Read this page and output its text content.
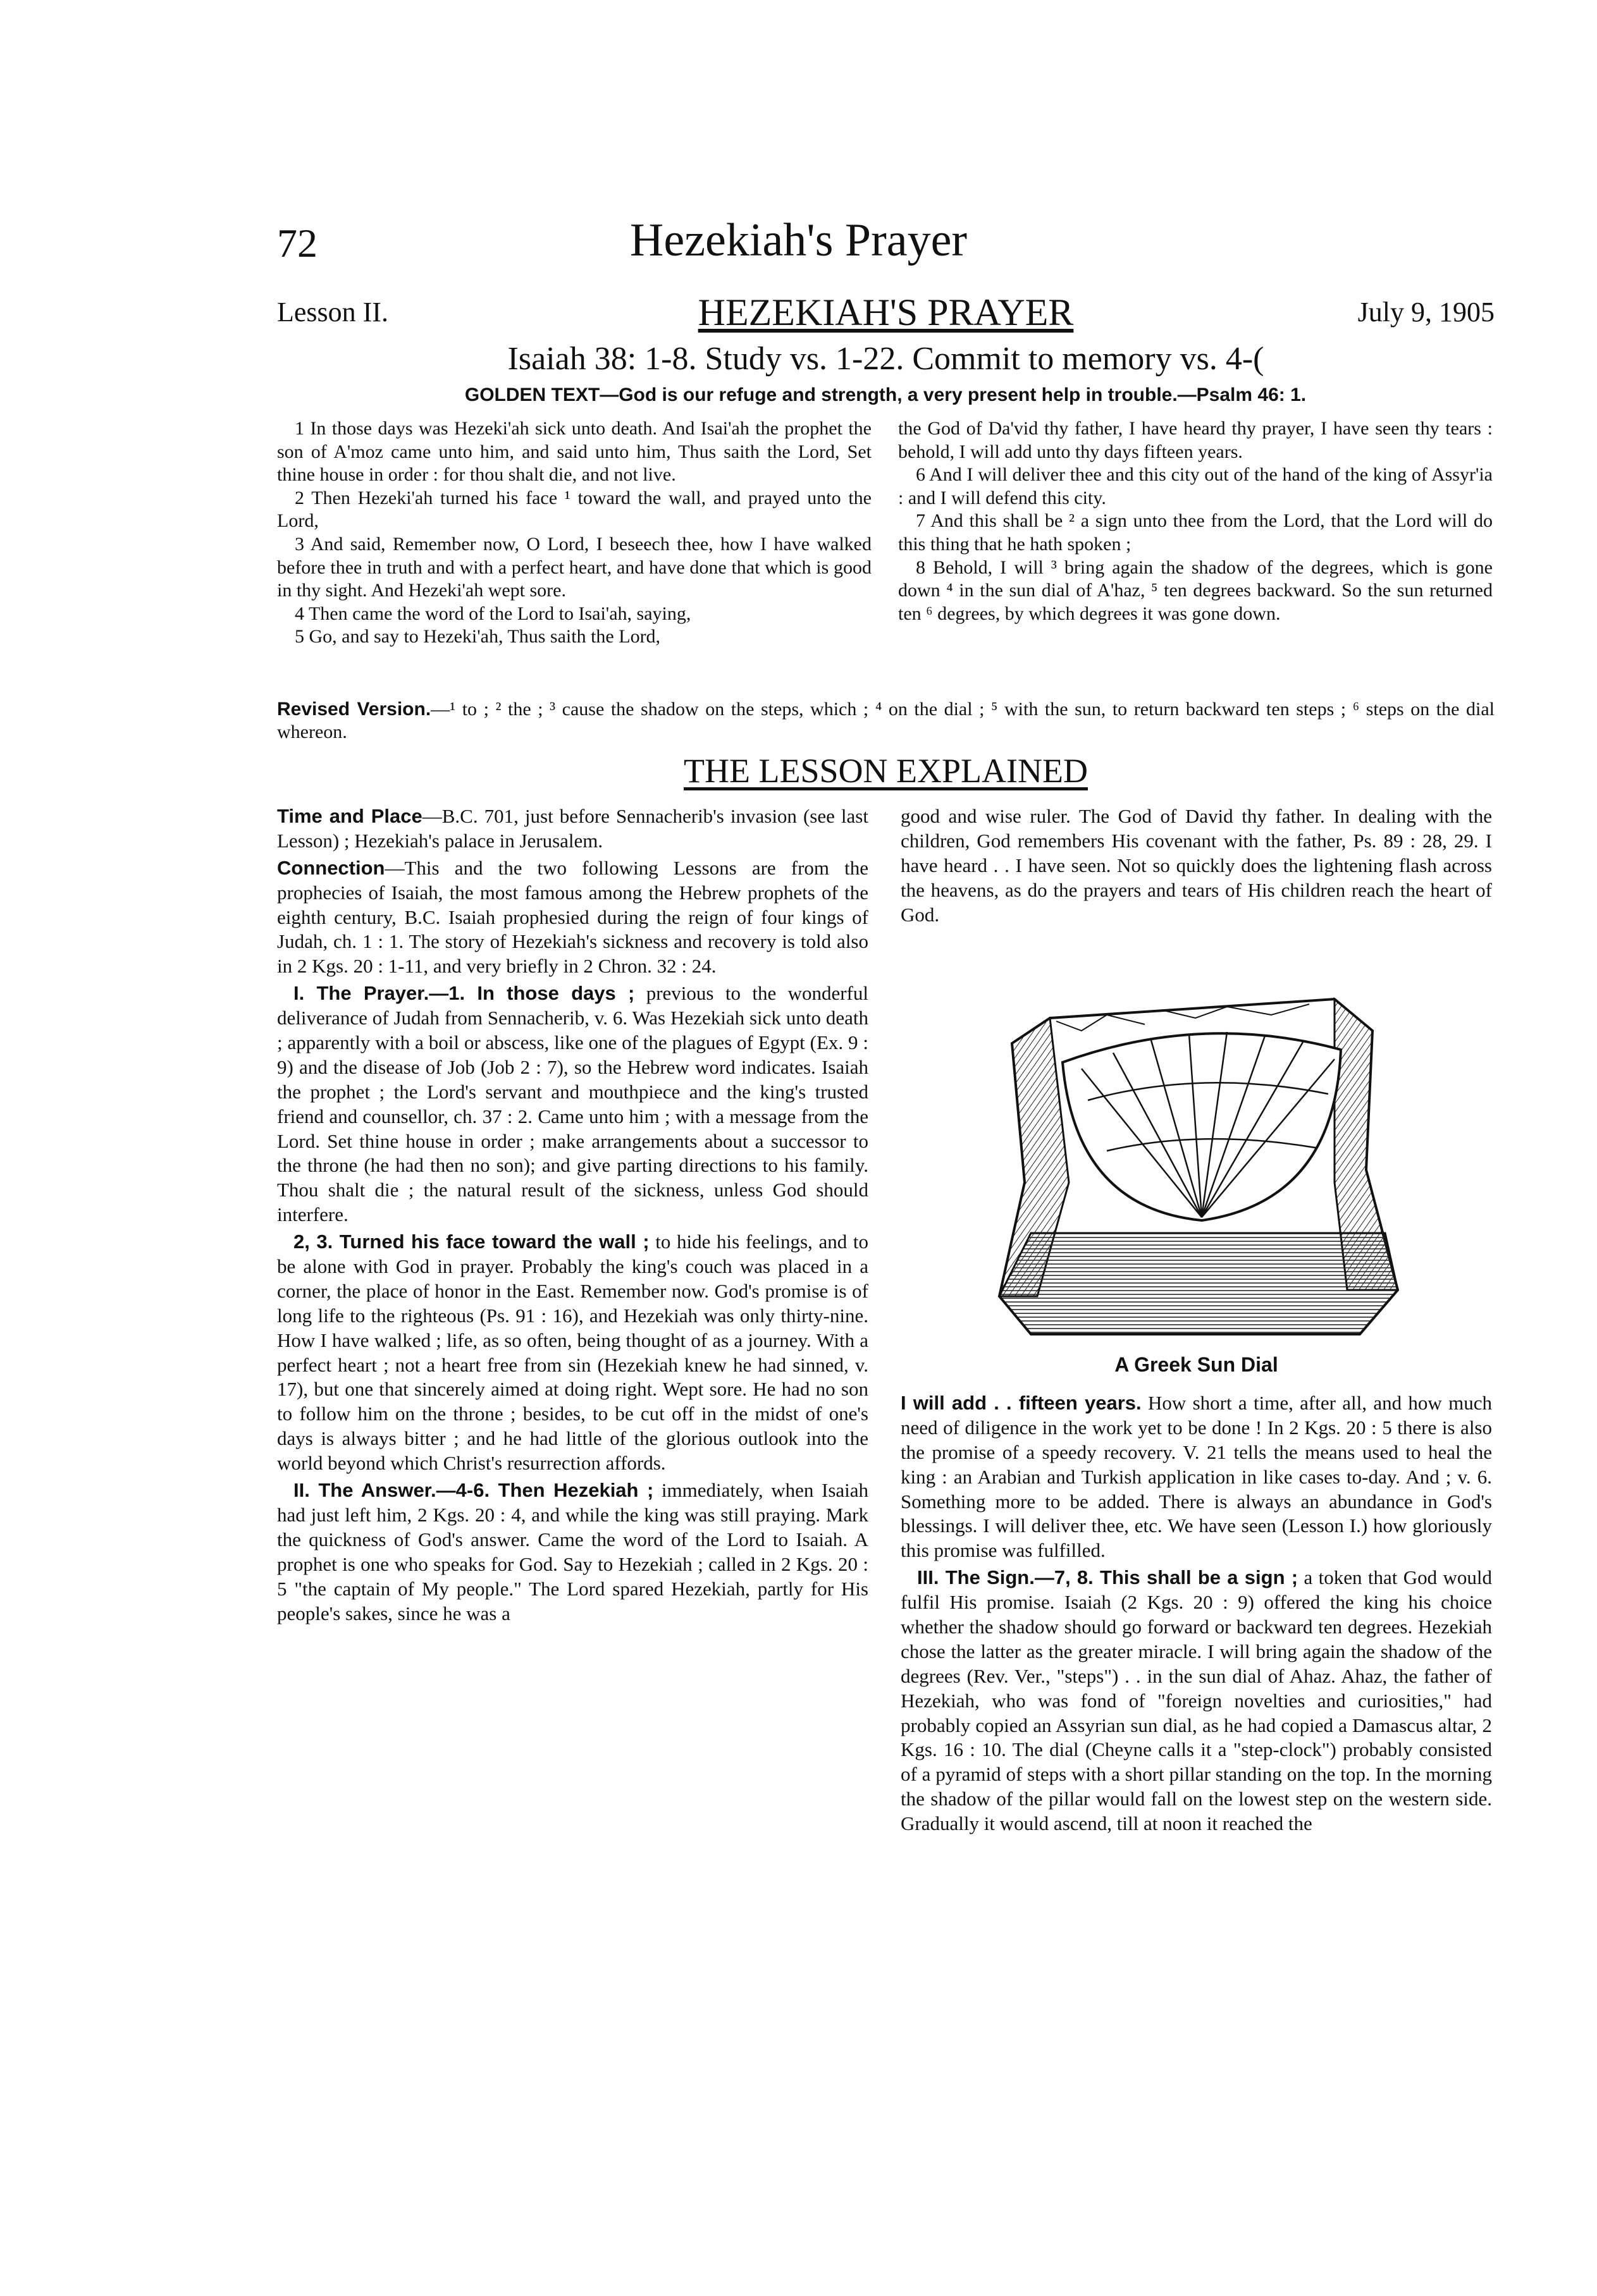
72	Hezekiah's Prayer
Lesson II.	HEZEKIAH'S PRAYER	July 9, 1905
Isaiah 38: 1-8. Study vs. 1-22. Commit to memory vs. 4-(
GOLDEN TEXT—God is our refuge and strength, a very present help in trouble.—Psalm 46: 1.

1 In those days was Hezeki'ah sick unto death. And Isai'ah the prophet the son of A'moz came unto him, and said unto him, Thus saith the Lord, Set thine house in order : for thou shalt die, and not live.

2 Then Hezeki'ah turned his face ¹ toward the wall, and prayed unto the Lord,

3 And said, Remember now, O Lord, I beseech thee, how I have walked before thee in truth and with a perfect heart, and have done that which is good in thy sight. And Hezeki'ah wept sore.

4 Then came the word of the Lord to Isai'ah, saying,

5 Go, and say to Hezeki'ah, Thus saith the Lord,

the God of Da'vid thy father, I have heard thy prayer, I have seen thy tears : behold, I will add unto thy days fifteen years.

6 And I will deliver thee and this city out of the hand of the king of Assyr'ia : and I will defend this city.

7 And this shall be ² a sign unto thee from the Lord, that the Lord will do this thing that he hath spoken ;

8 Behold, I will ³ bring again the shadow of the degrees, which is gone down ⁴ in the sun dial of A'haz, ⁵ ten degrees backward. So the sun returned ten ⁶ degrees, by which degrees it was gone down.

Revised Version.—¹ to ; ² the ; ³ cause the shadow on the steps, which ; ⁴ on the dial ; ⁵ with the sun, to return backward ten steps ; ⁶ steps on the dial whereon.
THE LESSON EXPLAINED

Time and Place—B.C. 701, just before Sennacherib's invasion (see last Lesson) ; Hezekiah's palace in Jerusalem.

Connection—This and the two following Lessons are from the prophecies of Isaiah, the most famous among the Hebrew prophets of the eighth century, B.C. Isaiah prophesied during the reign of four kings of Judah, ch. 1 : 1. The story of Hezekiah's sickness and recovery is told also in 2 Kgs. 20 : 1-11, and very briefly in 2 Chron. 32 : 24.

I. The Prayer.—1. In those days ; previous to the wonderful deliverance of Judah from Sennacherib, v. 6. Was Hezekiah sick unto death ; apparently with a boil or abscess, like one of the plagues of Egypt (Ex. 9 : 9) and the disease of Job (Job 2 : 7), so the Hebrew word indicates. Isaiah the prophet ; the Lord's servant and mouthpiece and the king's trusted friend and counsellor, ch. 37 : 2. Came unto him ; with a message from the Lord. Set thine house in order ; make arrangements about a successor to the throne (he had then no son); and give parting directions to his family. Thou shalt die ; the natural result of the sickness, unless God should interfere.

2, 3. Turned his face toward the wall ; to hide his feelings, and to be alone with God in prayer. Probably the king's couch was placed in a corner, the place of honor in the East. Remember now. God's promise is of long life to the righteous (Ps. 91 : 16), and Hezekiah was only thirty-nine. How I have walked ; life, as so often, being thought of as a journey. With a perfect heart ; not a heart free from sin (Hezekiah knew he had sinned, v. 17), but one that sincerely aimed at doing right. Wept sore. He had no son to follow him on the throne ; besides, to be cut off in the midst of one's days is always bitter ; and he had little of the glorious outlook into the world beyond which Christ's resurrection affords.

II. The Answer.—4-6. Then Hezekiah ; immediately, when Isaiah had just left him, 2 Kgs. 20 : 4, and while the king was still praying. Mark the quickness of God's answer. Came the word of the Lord to Isaiah. A prophet is one who speaks for God. Say to Hezekiah ; called in 2 Kgs. 20 : 5 "the captain of My people." The Lord spared Hezekiah, partly for His people's sakes, since he was a

good and wise ruler. The God of David thy father. In dealing with the children, God remembers His covenant with the father, Ps. 89 : 28, 29. I have heard . . I have seen. Not so quickly does the lightening flash across the heavens, as do the prayers and tears of His children reach the heart of God.

A Greek Sun Dial

I will add . . fifteen years. How short a time, after all, and how much need of diligence in the work yet to be done ! In 2 Kgs. 20 : 5 there is also the promise of a speedy recovery. V. 21 tells the means used to heal the king : an Arabian and Turkish application in like cases to-day. And ; v. 6. Something more to be added. There is always an abundance in God's blessings. I will deliver thee, etc. We have seen (Lesson I.) how gloriously this promise was fulfilled.

III. The Sign.—7, 8. This shall be a sign ; a token that God would fulfil His promise. Isaiah (2 Kgs. 20 : 9) offered the king his choice whether the shadow should go forward or backward ten degrees. Hezekiah chose the latter as the greater miracle. I will bring again the shadow of the degrees (Rev. Ver., "steps") . . in the sun dial of Ahaz. Ahaz, the father of Hezekiah, who was fond of "foreign novelties and curiosities," had probably copied an Assyrian sun dial, as he had copied a Damascus altar, 2 Kgs. 16 : 10. The dial (Cheyne calls it a "step-clock") probably consisted of a pyramid of steps with a short pillar standing on the top. In the morning the shadow of the pillar would fall on the lowest step on the western side. Gradually it would ascend, till at noon it reached the
